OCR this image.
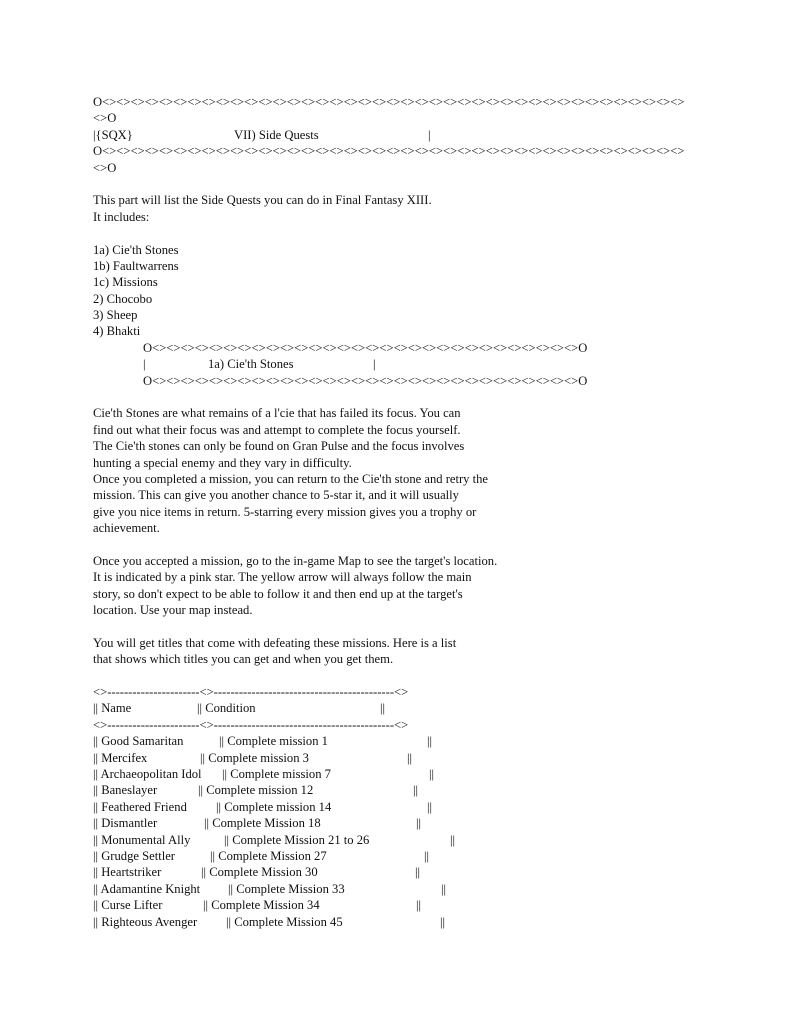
O<><><><><><><><><><><><><><><><><><><><><><><><><><><><><><><><><><><><><><><><><>
<>O

|{SQX}

	VII) Side Quests

	|

O<><><><><><><><><><><><><><><><><><><><><><><><><><><><><><><><><><><><><><><><><>
<>O
This part will list the Side Quests you can do in Final Fantasy XIII.
It includes:
1a) Cie'th Stones
1b) Faultwarrens
1c) Missions
2) Chocobo
3) Sheep
4) Bhakti
O<><><><><><><><><><><><><><><><><><><><><><><><><><><><><><>O

|

	1a) Cie'th Stones

	|

O<><><><><><><><><><><><><><><><><><><><><><><><><><><><><><>O
Cie'th Stones are what remains of a l'cie that has failed its focus. You can
find out what their focus was and attempt to complete the focus yourself.
The Cie'th stones can only be found on Gran Pulse and the focus involves
hunting a special enemy and they vary in difficulty.
Once you completed a mission, you can return to the Cie'th stone and retry the
mission. This can give you another chance to 5-star it, and it will usually
give you nice items in return. 5-starring every mission gives you a trophy or
achievement.
Once you accepted a mission, go to the in-game Map to see the target's location.
It is indicated by a pink star. The yellow arrow will always follow the main
story, so don't expect to be able to follow it and then end up at the target's
location. Use your map instead.
You will get titles that come with defeating these missions. Here is a list
that shows which titles you can get and when you get them.
<>----------------------<>-------------------------------------------<>

|| Name

	|| Condition

	||

<>----------------------<>-------------------------------------------<>

|| Good Samaritan

	|| Complete mission 1

	||

|| Mercifex

	|| Complete mission 3

	||

|| Archaeopolitan Idol

|| Complete mission 7

	||

|| Baneslayer

	|| Complete mission 12

	||

|| Feathered Friend

|| Complete mission 14

	||

|| Dismantler

	|| Complete Mission 18

	||

|| Monumental Ally

	|| Complete Mission 21 to 26

	||

|| Grudge Settler

	|| Complete Mission 27

	||

|| Heartstriker

	|| Complete Mission 30

	||

|| Adamantine Knight

|| Complete Mission 33

	||

|| Curse Lifter

	|| Complete Mission 34

	||

|| Righteous Avenger

|| Complete Mission 45

	||
